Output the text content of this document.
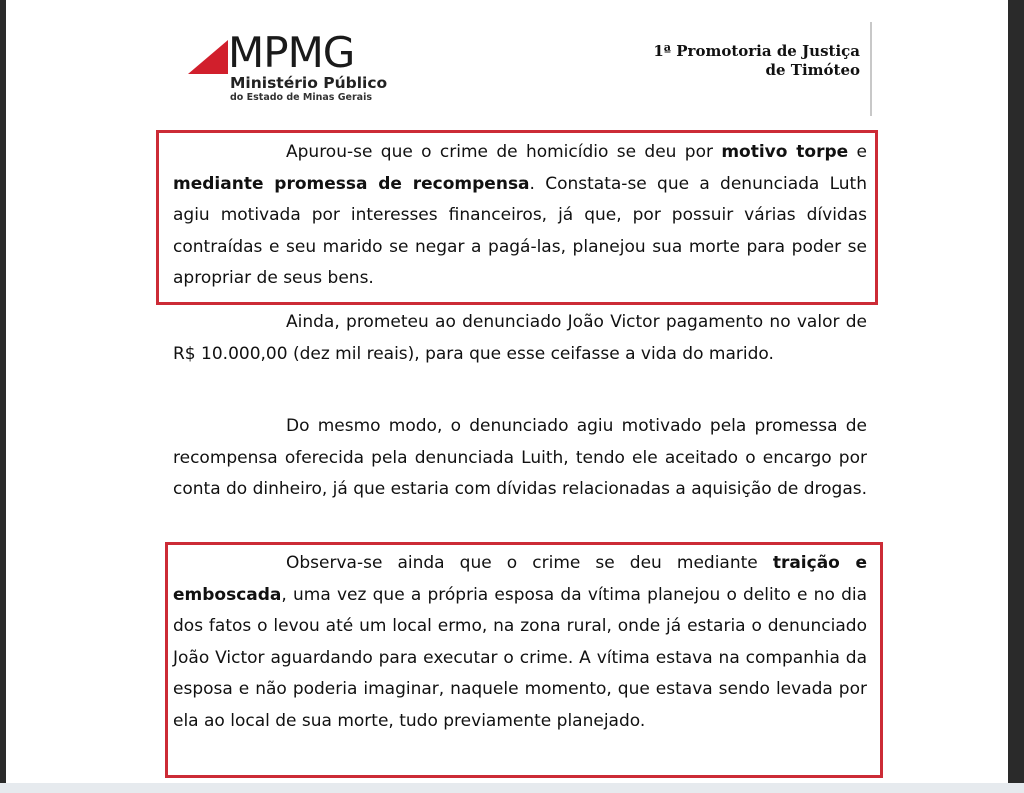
MPMG
Ministério Público
do Estado de Minas Gerais
1ª Promotoria de Justiça
de Timóteo

Apurou-se que o crime de homicídio se deu por motivo torpe e mediante promessa de recompensa. Constata-se que a denunciada Luth agiu motivada por interesses financeiros, já que, por possuir várias dívidas contraídas e seu marido se negar a pagá-las, planejou sua morte para poder se apropriar de seus bens.

Ainda, prometeu ao denunciado João Victor pagamento no valor de R$ 10.000,00 (dez mil reais), para que esse ceifasse a vida do marido.

Do mesmo modo, o denunciado agiu motivado pela promessa de recompensa oferecida pela denunciada Luith, tendo ele aceitado o encargo por conta do dinheiro, já que estaria com dívidas relacionadas a aquisição de drogas.

Observa-se ainda que o crime se deu mediante traição e emboscada, uma vez que a própria esposa da vítima planejou o delito e no dia dos fatos o levou até um local ermo, na zona rural, onde já estaria o denunciado João Victor aguardando para executar o crime. A vítima estava na companhia da esposa e não poderia imaginar, naquele momento, que estava sendo levada por ela ao local de sua morte, tudo previamente planejado.
